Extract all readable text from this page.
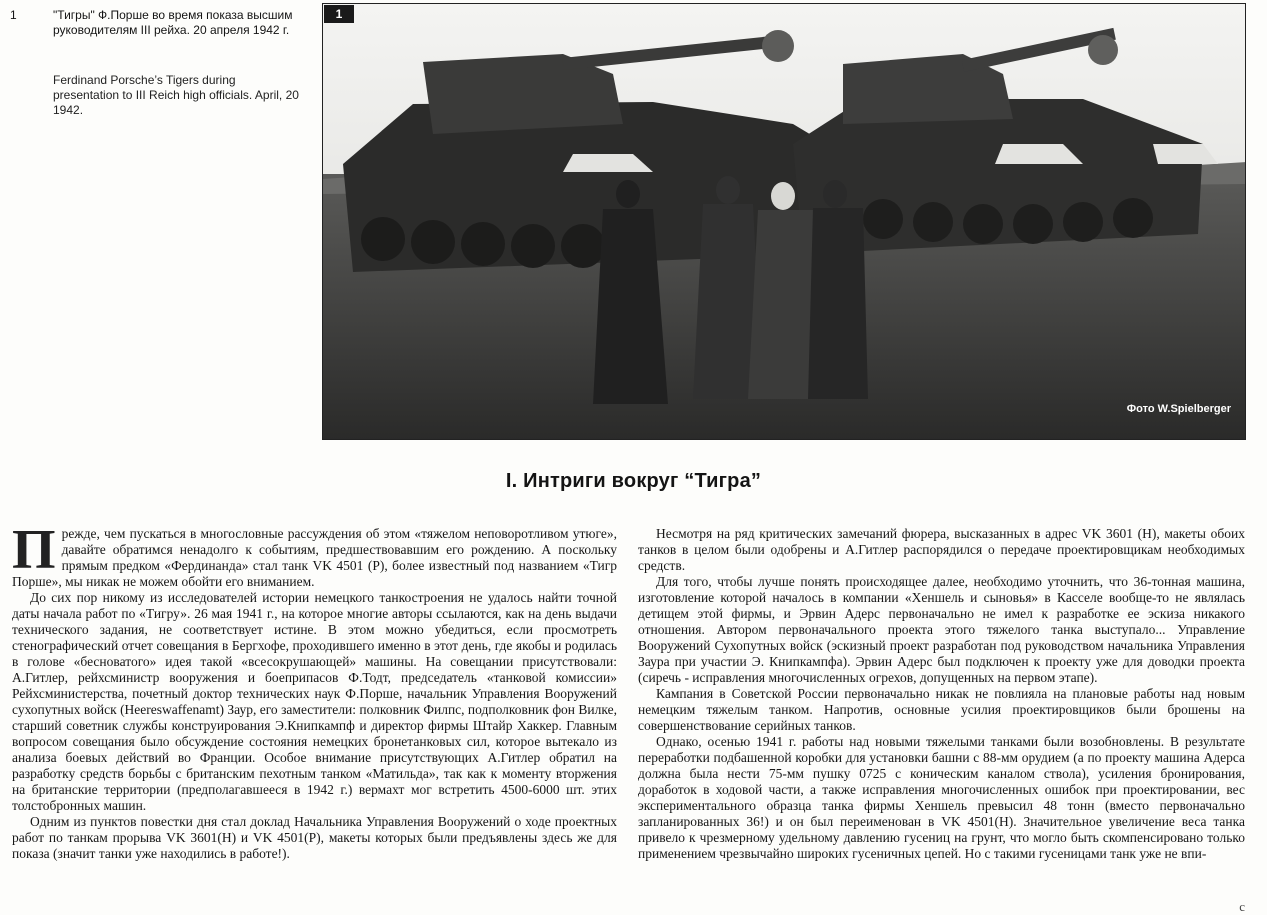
1	"Тигры" Ф.Порше во время показа высшим руководителям III рейха. 20 апреля 1942 г.
Ferdinand Porsche’s Tigers during presentation to III Reich high officials. April, 20 1942.
1
Фото W.Spielberger
I. Интриги вокруг “Тигра”
П режде, чем пускаться в многословные рассуждения об этом «тяжелом неповоротливом утюге», давайте обратимся ненадолго к событиям, предшествовавшим его рождению. А поскольку прямым предком «Фердинанда» стал танк VK 4501 (P), более известный под названием «Тигр Порше», мы никак не можем обойти его вниманием.

До сих пор никому из исследователей истории немецкого танкостроения не удалось найти точной даты начала работ по «Тигру». 26 мая 1941 г., на которое многие авторы ссылаются, как на день выдачи технического задания, не соответствует истине. В этом можно убедиться, если просмотреть стенографический отчет совещания в Бергхофе, проходившего именно в этот день, где якобы и родилась в голове «бесноватого» идея такой «всесокрушающей» машины. На совещании присутствовали: А.Гитлер, рейхсминистр вооружения и боеприпасов Ф.Тодт, председатель «танковой комиссии» Рейхсминистерства, почетный доктор технических наук Ф.Порше, начальник Управления Вооружений сухопутных войск (Heereswaffenamt) Заур, его заместители: полковник Филпс, подполковник фон Вилке, старший советник службы конструирования Э.Книпкампф и директор фирмы Штайр Хаккер. Главным вопросом совещания было обсуждение состояния немецких бронетанковых сил, которое вытекало из анализа боевых действий во Франции. Особое внимание присутствующих А.Гитлер обратил на разработку средств борьбы с британским пехотным танком «Матильда», так как к моменту вторжения на британские территории (предполагавшееся в 1942 г.) вермахт мог встретить 4500-6000 шт. этих толстобронных машин.

Одним из пунктов повестки дня стал доклад Начальника Управления Вооружений о ходе проектных работ по танкам прорыва VK 3601(H) и VK 4501(P), макеты которых были предъявлены здесь же для показа (значит танки уже находились в работе!).

Несмотря на ряд критических замечаний фюрера, высказанных в адрес VK 3601 (H), макеты обоих танков в целом были одобрены и А.Гитлер распорядился о передаче проектировщикам необходимых средств.

Для того, чтобы лучше понять происходящее далее, необходимо уточнить, что 36-тонная машина, изготовление которой началось в компании «Хеншель и сыновья» в Касселе вообще-то не являлась детищем этой фирмы, и Эрвин Адерс первоначально не имел к разработке ее эскиза никакого отношения. Автором первоначального проекта этого тяжелого танка выступало... Управление Вооружений Сухопутных войск (эскизный проект разработан под руководством начальника Управления Заура при участии Э. Книпкампфа). Эрвин Адерс был подключен к проекту уже для доводки проекта (сиречь - исправления многочисленных огрехов, допущенных на первом этапе).

Кампания в Советской России первоначально никак не повлияла на плановые работы над новым немецким тяжелым танком. Напротив, основные усилия проектировщиков были брошены на совершенствование серийных танков.

Однако, осенью 1941 г. работы над новыми тяжелыми танками были возобновлены. В результате переработки подбашенной коробки для установки башни с 88-мм орудием (а по проекту машина Адерса должна была нести 75-мм пушку 0725 с коническим каналом ствола), усиления бронирования, доработок в ходовой части, а также исправления многочисленных ошибок при проектировании, вес экспериментального образца танка фирмы Хеншель превысил 48 тонн (вместо первоначально запланированных 36!) и он был переименован в VK 4501(H). Значительное увеличение веса танка привело к чрезмерному удельному давлению гусениц на грунт, что могло быть скомпенсировано только применением чрезвычайно широких гусеничных цепей. Но с такими гусеницами танк уже не впи-

с
